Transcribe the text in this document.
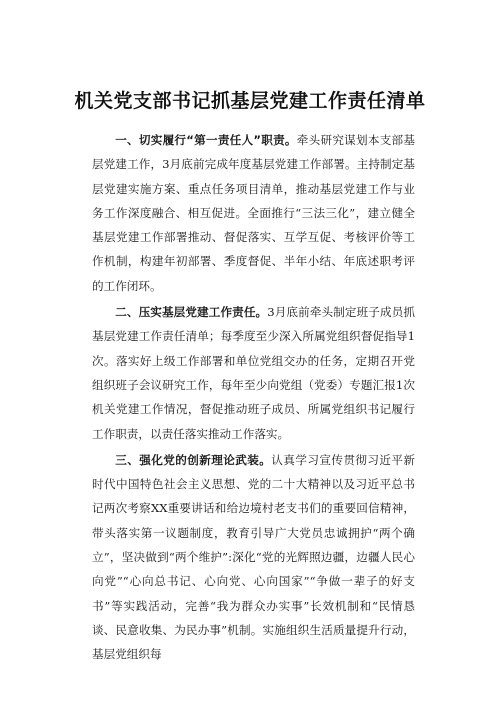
机关党支部书记抓基层党建工作责任清单

一、切实履行“第一责任人”职责。牵头研究谋划本支部基层党建工作，3月底前完成年度基层党建工作部署。主持制定基层党建实施方案、重点任务项目清单，推动基层党建工作与业务工作深度融合、相互促进。全面推行“三法三化”，建立健全基层党建工作部署推动、督促落实、互学互促、考核评价等工作机制，构建年初部署、季度督促、半年小结、年底述职考评的工作闭环。

二、压实基层党建工作责任。3月底前牵头制定班子成员抓基层党建工作责任清单；每季度至少深入所属党组织督促指导1次。落实好上级工作部署和单位党组交办的任务，定期召开党组织班子会议研究工作，每年至少向党组（党委）专题汇报1次机关党建工作情况，督促推动班子成员、所属党组织书记履行工作职责，以责任落实推动工作落实。

三、强化党的创新理论武装。认真学习宣传贯彻习近平新时代中国特色社会主义思想、党的二十大精神以及习近平总书记两次考察XX重要讲话和给边境村老支书们的重要回信精神，带头落实第一议题制度，教育引导广大党员忠诚拥护“两个确立”，坚决做到“两个维护”:深化“党的光辉照边疆，边疆人民心向党”“心向总书记、心向党、心向国家”“争做一辈子的好支书”等实践活动，完善“我为群众办实事”长效机制和“民情恳谈、民意收集、为民办事”机制。实施组织生活质量提升行动，基层党组织每
